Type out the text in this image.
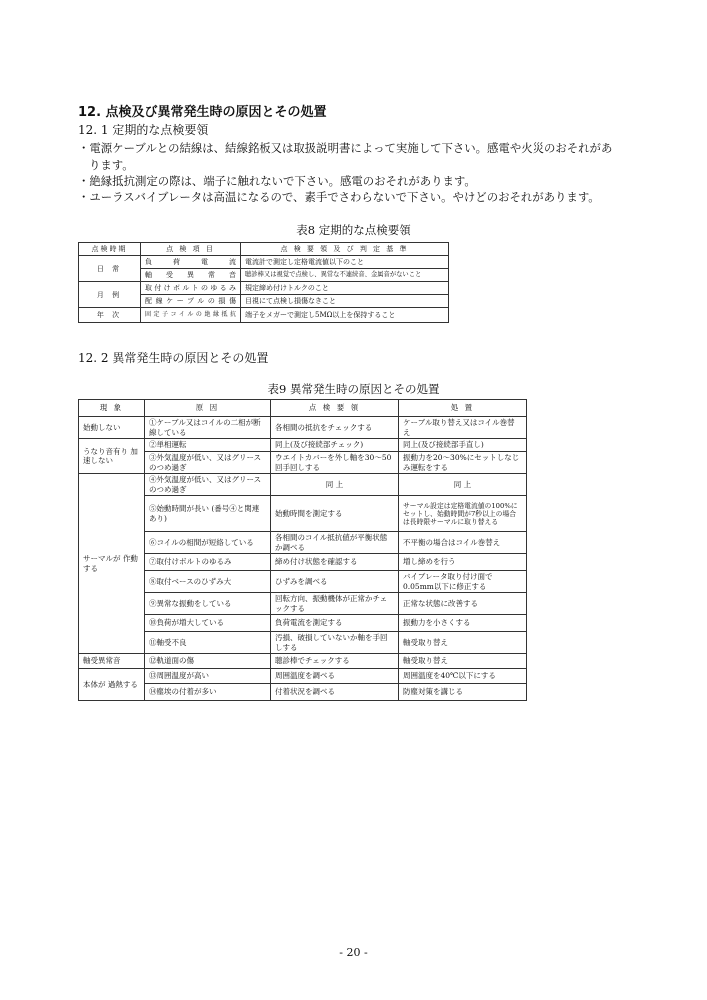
12. 点検及び異常発生時の原因とその処置
12. 1 定期的な点検要領
・電源ケーブルとの結線は、結線銘板又は取扱説明書によって実施して下さい。感電や火災のおそれがあ
ります。
・絶縁抵抗測定の際は、端子に触れないで下さい。感電のおそれがあります。
・ユーラスバイブレータは高温になるので、素手でさわらないで下さい。やけどのおそれがあります。
表8 定期的な点検要領
点検時期	点 検 項 目	点 検 要 領 及 び 判 定 基 準
日 常	負 荷 電 流	電流計で測定し定格電流値以下のこと
	軸 受 異 常 音	聴診棒又は視覚で点検し、異常な不連続音、金属音がないこと
月 例	取付けボルトのゆるみ	規定締め付けトルクのこと
	配線ケーブルの損傷	目視にて点検し損傷なきこと
年 次	固定子コイルの絶縁抵抗	端子をメガーで測定し5MΩ以上を保持すること
12. 2 異常発生時の原因とその処置
表9 異常発生時の原因とその処置
現 象	原 因	点 検 要 領	処 置
始動しない	①ケーブル又はコイルの二相が断線している	各相間の抵抗をチェックする	ケーブル取り替え又はコイル巻替え
うなり音有り 加速しない	②単相運転	同上(及び接続部チェック)	同上(及び接続部手直し)
	③外気温度が低い、又はグリースのつめ過ぎ	ウエイトカバーを外し軸を30～50回手回しする	振動力を20～30%にセットしなじみ運転をする
サーマルが 作動する	④外気温度が低い、又はグリースのつめ過ぎ	同 上	同 上
	⑤始動時間が長い (番号④と関連あり)	始動時間を測定する	サーマル設定は定格電流値の100%にセットし、始動時間が7秒以上の場合は長時限サーマルに取り替える
	⑥コイルの相間が短絡している	各相間のコイル抵抗値が平衡状態か調べる	不平衡の場合はコイル巻替え
	⑦取付けボルトのゆるみ	締め付け状態を確認する	増し締めを行う
	⑧取付ベースのひずみ大	ひずみを調べる	バイブレータ取り付け面で0.05mm以下に修正する
	⑨異常な振動をしている	回転方向、振動機体が正常かチェックする	正常な状態に改善する
	⑩負荷が増大している	負荷電流を測定する	振動力を小さくする
	⑪軸受不良	汚損、破損していないか軸を手回しする	軸受取り替え
軸受異常音	⑫軌道面の傷	聴診棒でチェックする	軸受取り替え
本体が 過熱する	⑬周囲温度が高い	周囲温度を調べる	周囲温度を40℃以下にする
	⑭塵埃の付着が多い	付着状況を調べる	防塵対策を講じる
- 20 -
